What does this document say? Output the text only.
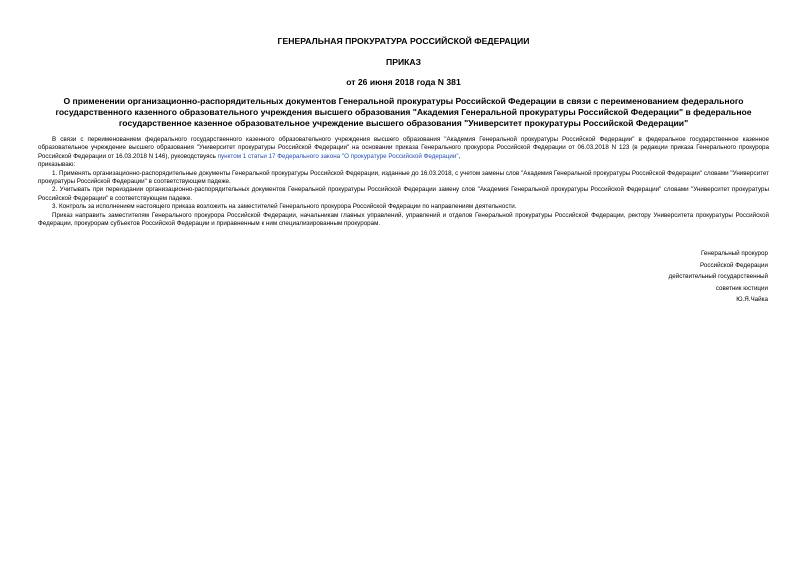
ГЕНЕРАЛЬНАЯ ПРОКУРАТУРА РОССИЙСКОЙ ФЕДЕРАЦИИ
ПРИКАЗ
от 26 июня 2018 года N 381
О применении организационно-распорядительных документов Генеральной прокуратуры Российской Федерации в связи с переименованием федерального государственного казенного образовательного учреждения высшего образования "Академия Генеральной прокуратуры Российской Федерации" в федеральное государственное казенное образовательное учреждение высшего образования "Университет прокуратуры Российской Федерации"

В связи с переименованием федерального государственного казенного образовательного учреждения высшего образования "Академия Генеральной прокуратуры Российской Федерации" в федеральное государственное казенное образовательное учреждение высшего образования "Университет прокуратуры Российской Федерации" на основании приказа Генерального прокурора Российской Федерации от 06.03.2018 N 123 (в редакции приказа Генерального прокурора Российской Федерации от 16.03.2018 N 146), руководствуясь пунктом 1 статьи 17 Федерального закона "О прокуратуре Российской Федерации",

приказываю:

1. Применять организационно-распорядительные документы Генеральной прокуратуры Российской Федерации, изданные до 16.03.2018, с учетом замены слов "Академия Генеральной прокуратуры Российской Федерации" словами "Университет прокуратуры Российской Федерации" в соответствующем падеже.

2. Учитывать при переиздании организационно-распорядительных документов Генеральной прокуратуры Российской Федерации замену слов "Академия Генеральной прокуратуры Российской Федерации" словами "Университет прокуратуры Российской Федерации" в соответствующем падеже.

3. Контроль за исполнением настоящего приказа возложить на заместителей Генерального прокурора Российской Федерации по направлениям деятельности.

Приказ направить заместителям Генерального прокурора Российской Федерации, начальникам главных управлений, управлений и отделов Генеральной прокуратуры Российской Федерации, ректору Университета прокуратуры Российской Федерации, прокурорам субъектов Российской Федерации и приравненным к ним специализированным прокурорам.

Генеральный прокурор
Российской Федерации
действительный государственный
советник юстиции
Ю.Я.Чайка
